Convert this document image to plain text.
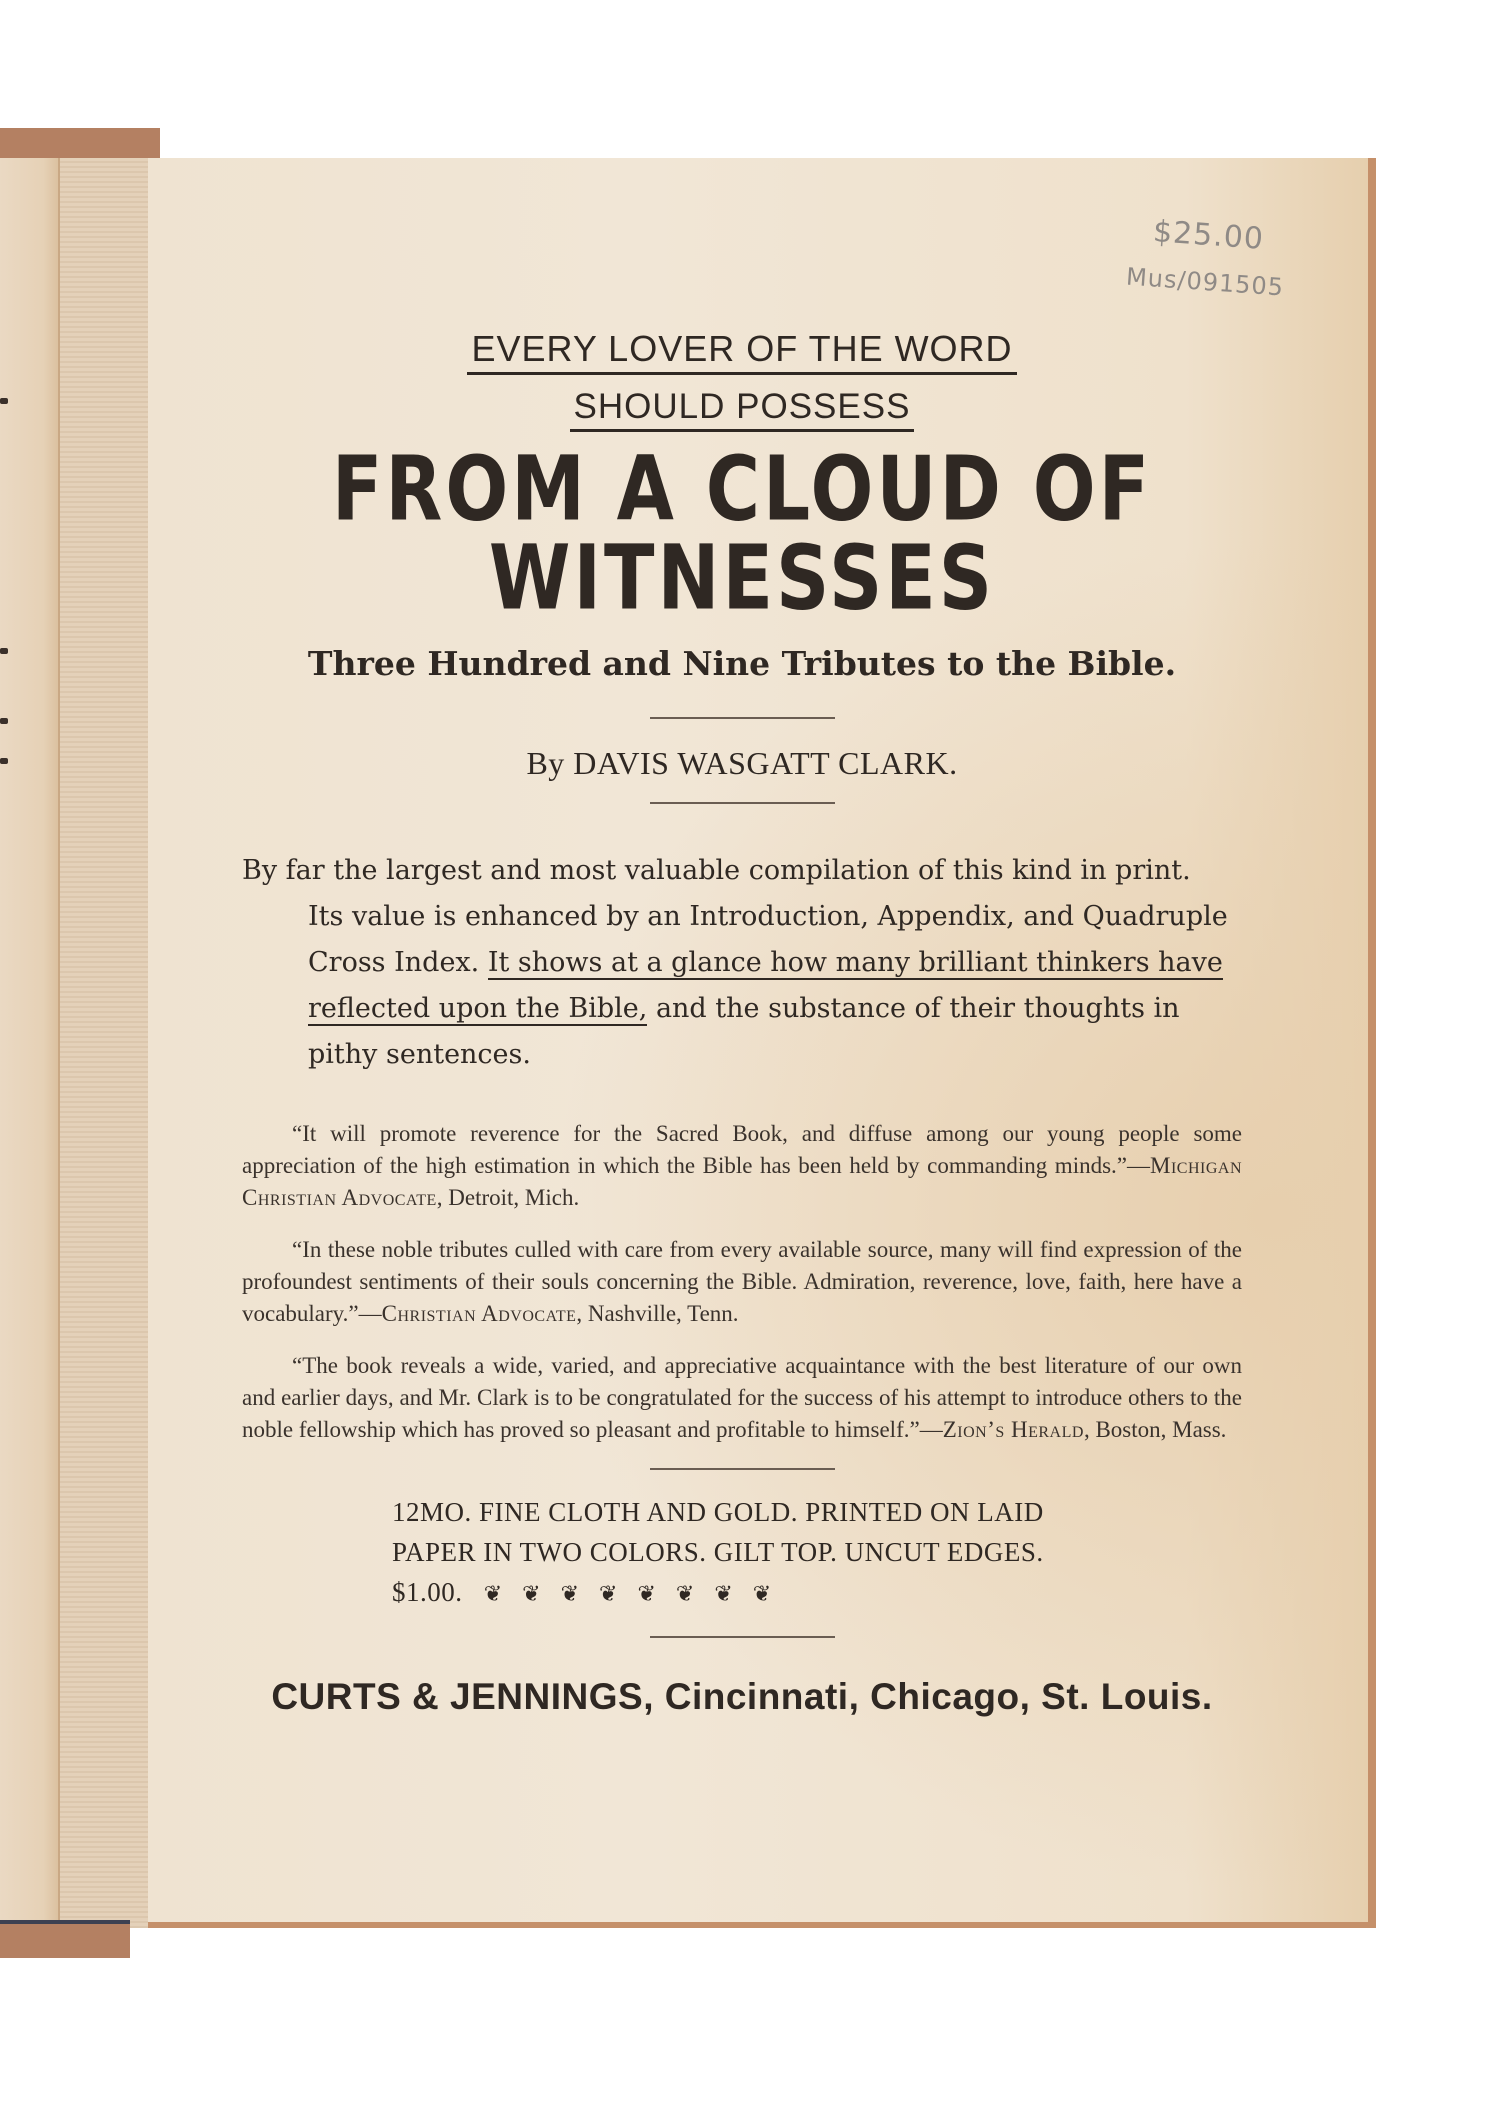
$25.00
Mus/091505
EVERY LOVER OF THE WORD
SHOULD POSSESS
FROM A CLOUD OF WITNESSES
Three Hundred and Nine Tributes to the Bible.
By DAVIS WASGATT CLARK.
By far the largest and most valuable compilation of this kind in print. Its value is enhanced by an Introduction, Appendix, and Quadruple Cross Index. It shows at a glance how many brilliant thinkers have reflected upon the Bible, and the substance of their thoughts in pithy sentences.

“It will promote reverence for the Sacred Book, and diffuse among our young people some appreciation of the high estimation in which the Bible has been held by commanding minds.”—Michigan Christian Advocate, Detroit, Mich.

“In these noble tributes culled with care from every available source, many will find expression of the profoundest sentiments of their souls concerning the Bible. Admiration, reverence, love, faith, here have a vocabulary.”—Christian Advocate, Nashville, Tenn.

“The book reveals a wide, varied, and appreciative acquaintance with the best literature of our own and earlier days, and Mr. Clark is to be congratulated for the success of his attempt to introduce others to the noble fellowship which has proved so pleasant and profitable to himself.”—Zion’s Herald, Boston, Mass.

12MO. FINE CLOTH AND GOLD. PRINTED ON LAID PAPER IN TWO COLORS. GILT TOP. UNCUT EDGES. $1.00. ❦❦❦❦❦❦❦❦
CURTS & JENNINGS, Cincinnati, Chicago, St. Louis.
